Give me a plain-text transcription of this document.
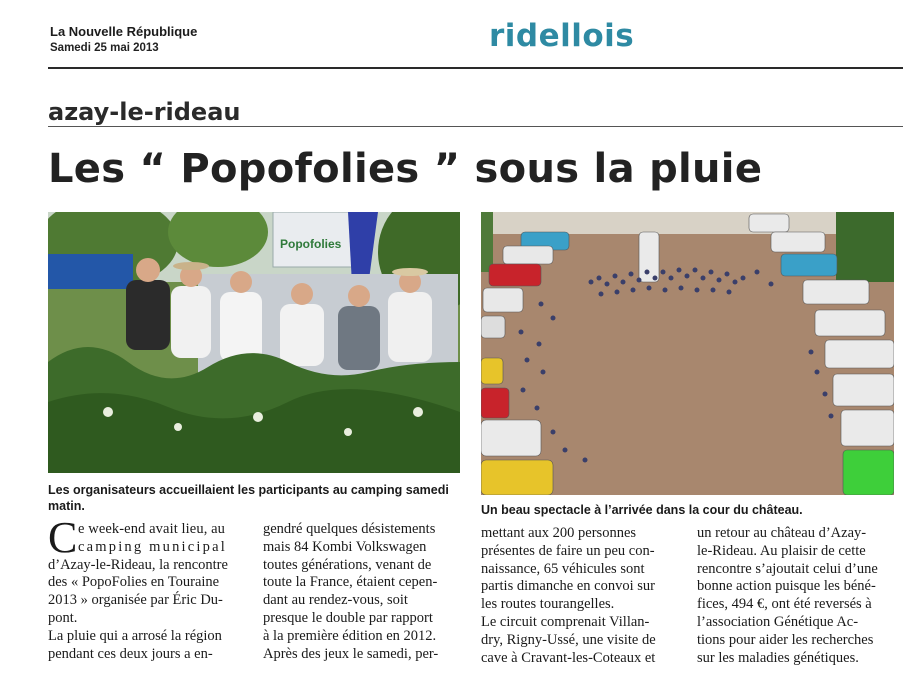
La Nouvelle République
Samedi 25 mai 2013	ridellois
azay-le-rideau
Les “ Popofolies ” sous la pluie
Popofolies
Les organisateurs accueillaient les participants au camping samedi matin.	Un beau spectacle à l’arrivée dans la cour du château.
C e week-end avait lieu, au
camping municipal
d’Azay-le-Rideau, la rencontre
des « PopoFolies en Touraine
2013 » organisée par Éric Du-
pont.
La pluie qui a arrosé la région
pendant ces deux jours a en-
gendré quelques désistements
mais 84 Kombi Volkswagen
toutes générations, venant de
toute la France, étaient cepen-
dant au rendez-vous, soit
presque le double par rapport
à la première édition en 2012.
Après des jeux le samedi, per-
mettant aux 200 personnes
présentes de faire un peu con-
naissance, 65 véhicules sont
partis dimanche en convoi sur
les routes tourangelles.
Le circuit comprenait Villan-
dry, Rigny-Ussé, une visite de
cave à Cravant-les-Coteaux et
un retour au château d’Azay-
le-Rideau. Au plaisir de cette
rencontre s’ajoutait celui d’une
bonne action puisque les béné-
fices, 494 €, ont été reversés à
l’association Génétique Ac-
tions pour aider les recherches
sur les maladies génétiques.
